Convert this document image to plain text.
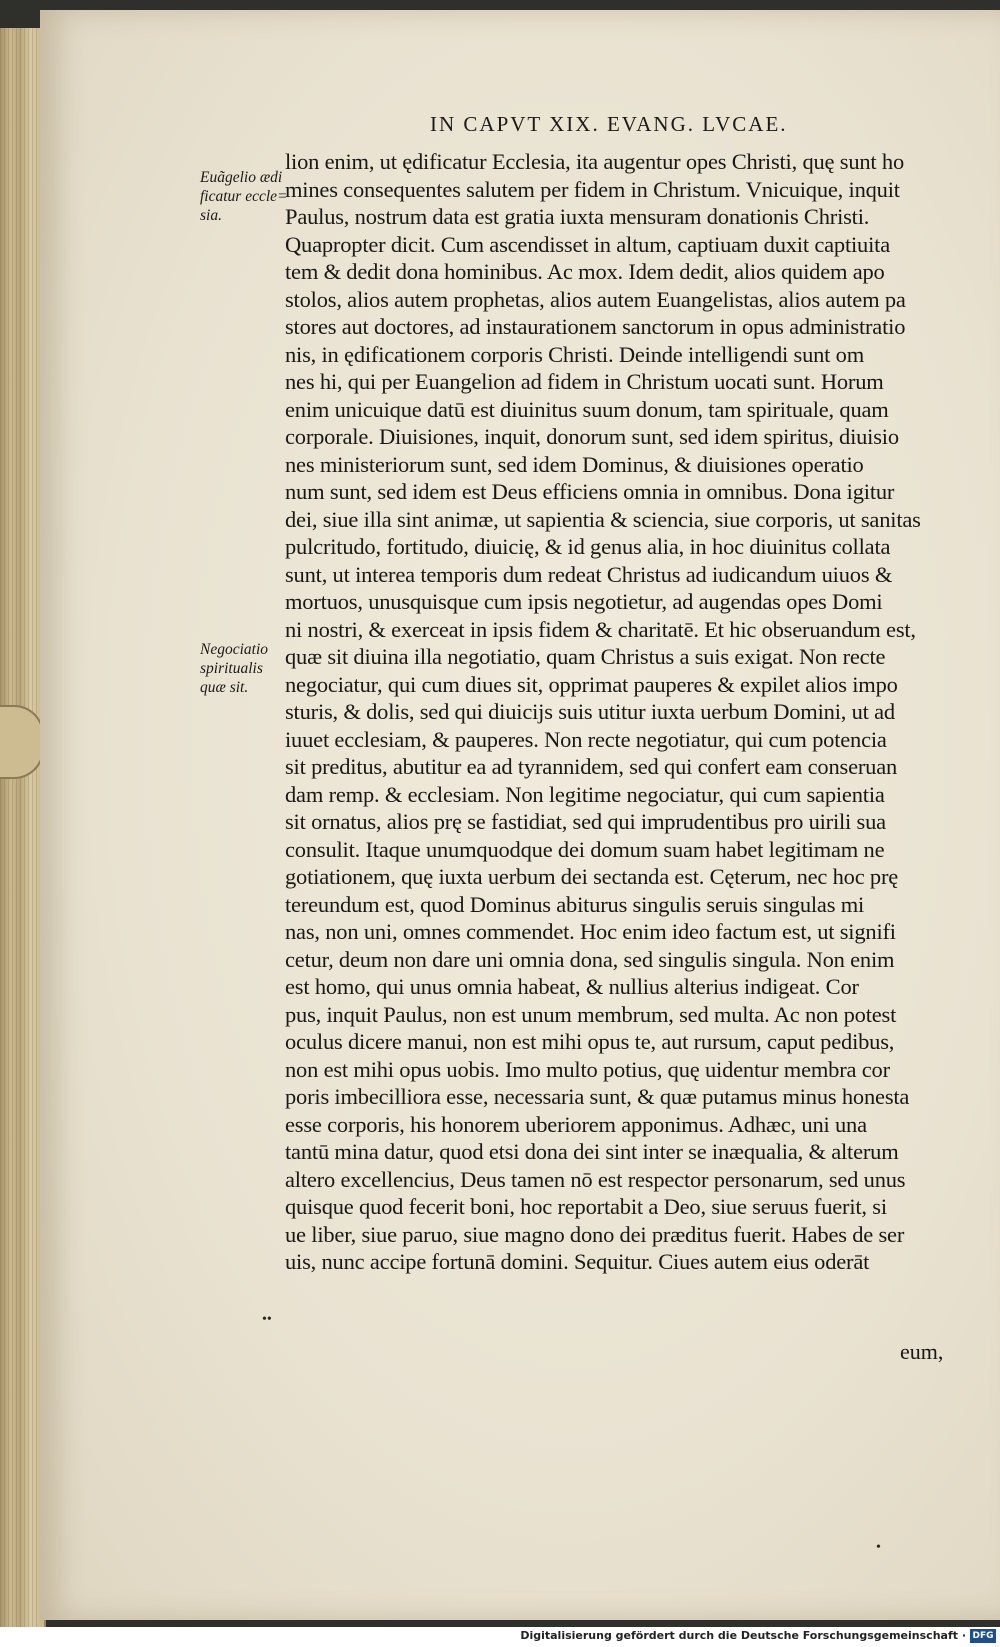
IN CAPVT XIX. EVANG. LVCAE.
Euãgelio ædi
ficatur eccle=
sia.
Negociatio
spiritualis
quæ sit.
lion enim, ut ędificatur Ecclesia, ita augentur opes Christi, quę sunt ho
mines consequentes salutem per fidem in Christum. Vnicuique, inquit
Paulus, nostrum data est gratia iuxta mensuram donationis Christi.
Quapropter dicit. Cum ascendisset in altum, captiuam duxit captiuita
tem & dedit dona hominibus. Ac mox. Idem dedit, alios quidem apo
stolos, alios autem prophetas, alios autem Euangelistas, alios autem pa
stores aut doctores, ad instaurationem sanctorum in opus administratio
nis, in ędificationem corporis Christi. Deinde intelligendi sunt om
nes hi, qui per Euangelion ad fidem in Christum uocati sunt. Horum
enim unicuique datū est diuinitus suum donum, tam spirituale, quam
corporale. Diuisiones, inquit, donorum sunt, sed idem spiritus, diuisio
nes ministeriorum sunt, sed idem Dominus, & diuisiones operatio
num sunt, sed idem est Deus efficiens omnia in omnibus. Dona igitur
dei, siue illa sint animæ, ut sapientia & sciencia, siue corporis, ut sanitas
pulcritudo, fortitudo, diuicię, & id genus alia, in hoc diuinitus collata
sunt, ut interea temporis dum redeat Christus ad iudicandum uiuos &
mortuos, unusquisque cum ipsis negotietur, ad augendas opes Domi
ni nostri, & exerceat in ipsis fidem & charitatē. Et hic obseruandum est,
quæ sit diuina illa negotiatio, quam Christus a suis exigat. Non recte
negociatur, qui cum diues sit, opprimat pauperes & expilet alios impo
sturis, & dolis, sed qui diuicijs suis utitur iuxta uerbum Domini, ut ad
iuuet ecclesiam, & pauperes. Non recte negotiatur, qui cum potencia
sit preditus, abutitur ea ad tyrannidem, sed qui confert eam conseruan
dam remp. & ecclesiam. Non legitime negociatur, qui cum sapientia
sit ornatus, alios prę se fastidiat, sed qui imprudentibus pro uirili sua
consulit. Itaque unumquodque dei domum suam habet legitimam ne
gotiationem, quę iuxta uerbum dei sectanda est. Cęterum, nec hoc prę
tereundum est, quod Dominus abiturus singulis seruis singulas mi
nas, non uni, omnes commendet. Hoc enim ideo factum est, ut signifi
cetur, deum non dare uni omnia dona, sed singulis singula. Non enim
est homo, qui unus omnia habeat, & nullius alterius indigeat. Cor
pus, inquit Paulus, non est unum membrum, sed multa. Ac non potest
oculus dicere manui, non est mihi opus te, aut rursum, caput pedibus,
non est mihi opus uobis. Imo multo potius, quę uidentur membra cor
poris imbecilliora esse, necessaria sunt, & quæ putamus minus honesta
esse corporis, his honorem uberiorem apponimus. Adhæc, uni una
tantū mina datur, quod etsi dona dei sint inter se inæqualia, & alterum
altero excellencius, Deus tamen nō est respector personarum, sed unus
quisque quod fecerit boni, hoc reportabit a Deo, siue seruus fuerit, si
ue liber, siue paruo, siue magno dono dei præditus fuerit. Habes de ser
uis, nunc accipe fortunā domini. Sequitur. Ciues autem eius oderāt
eum,
••
•
Digitalisierung gefördert durch die Deutsche Forschungsgemeinschaft · DFG
